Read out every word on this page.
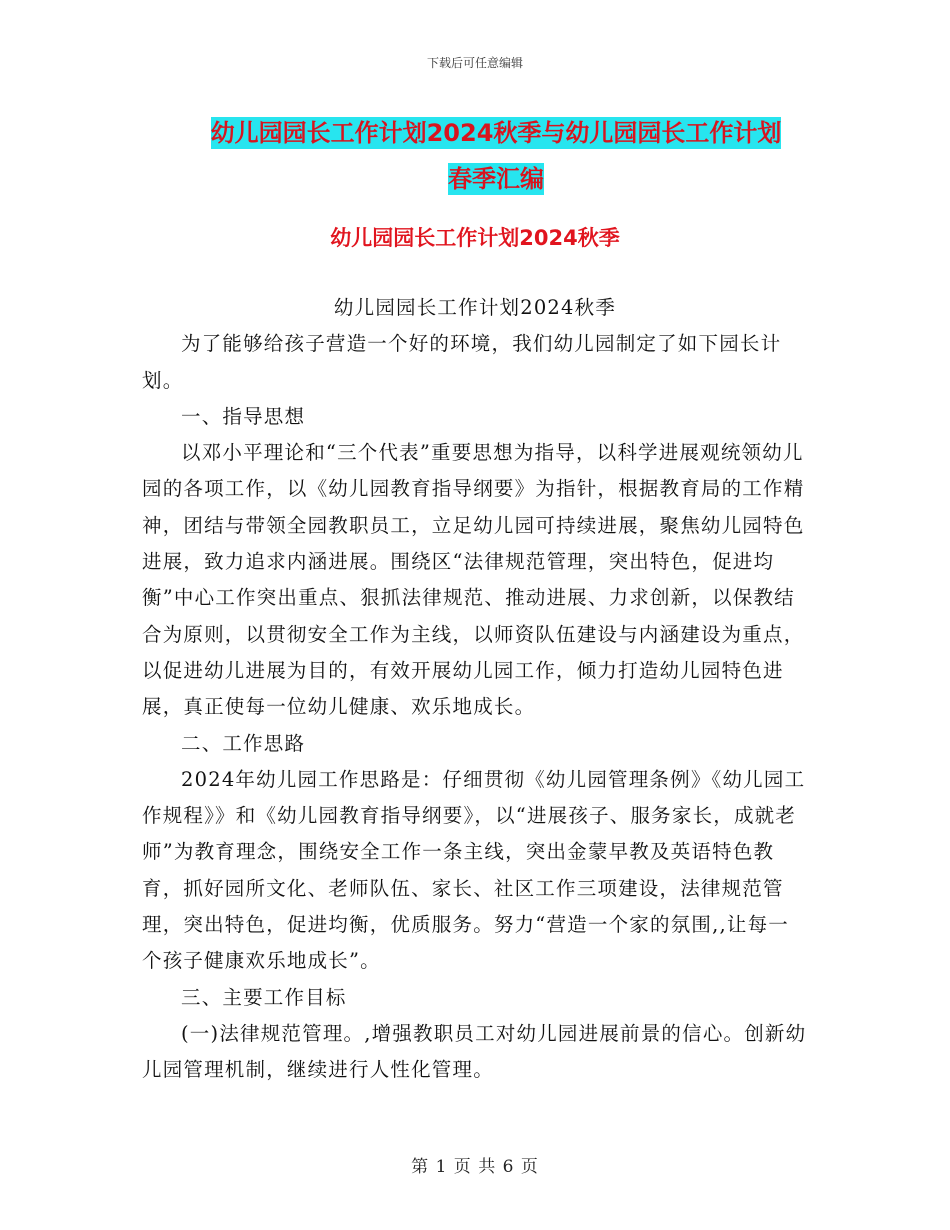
下载后可任意编辑
幼儿园园长工作计划2024秋季与幼儿园园长工作计划
春季汇编
幼儿园园长工作计划2024秋季

幼儿园园长工作计划2024秋季

为了能够给孩子营造一个好的环境，我们幼儿园制定了如下园长计划。

一、指导思想

以邓小平理论和“三个代表”重要思想为指导，以科学进展观统领幼儿园的各项工作，以《幼儿园教育指导纲要》为指针，根据教育局的工作精神，团结与带领全园教职员工，立足幼儿园可持续进展，聚焦幼儿园特色进展，致力追求内涵进展。围绕区“法律规范管理，突出特色，促进均衡”中心工作突出重点、狠抓法律规范、推动进展、力求创新，以保教结合为原则，以贯彻安全工作为主线，以师资队伍建设与内涵建设为重点，以促进幼儿进展为目的，有效开展幼儿园工作，倾力打造幼儿园特色进展，真正使每一位幼儿健康、欢乐地成长。

二、工作思路

2024年幼儿园工作思路是：仔细贯彻《幼儿园管理条例》《幼儿园工作规程》》和《幼儿园教育指导纲要》，以“进展孩子、服务家长，成就老师”为教育理念，围绕安全工作一条主线，突出金蒙早教及英语特色教育，抓好园所文化、老师队伍、家长、社区工作三项建设，法律规范管理，突出特色，促进均衡，优质服务。努力“营造一个家的氛围,,让每一个孩子健康欢乐地成长”。

三、主要工作目标

(一)法律规范管理。,增强教职员工对幼儿园进展前景的信心。创新幼儿园管理机制，继续进行人性化管理。

第 1 页 共 6 页
